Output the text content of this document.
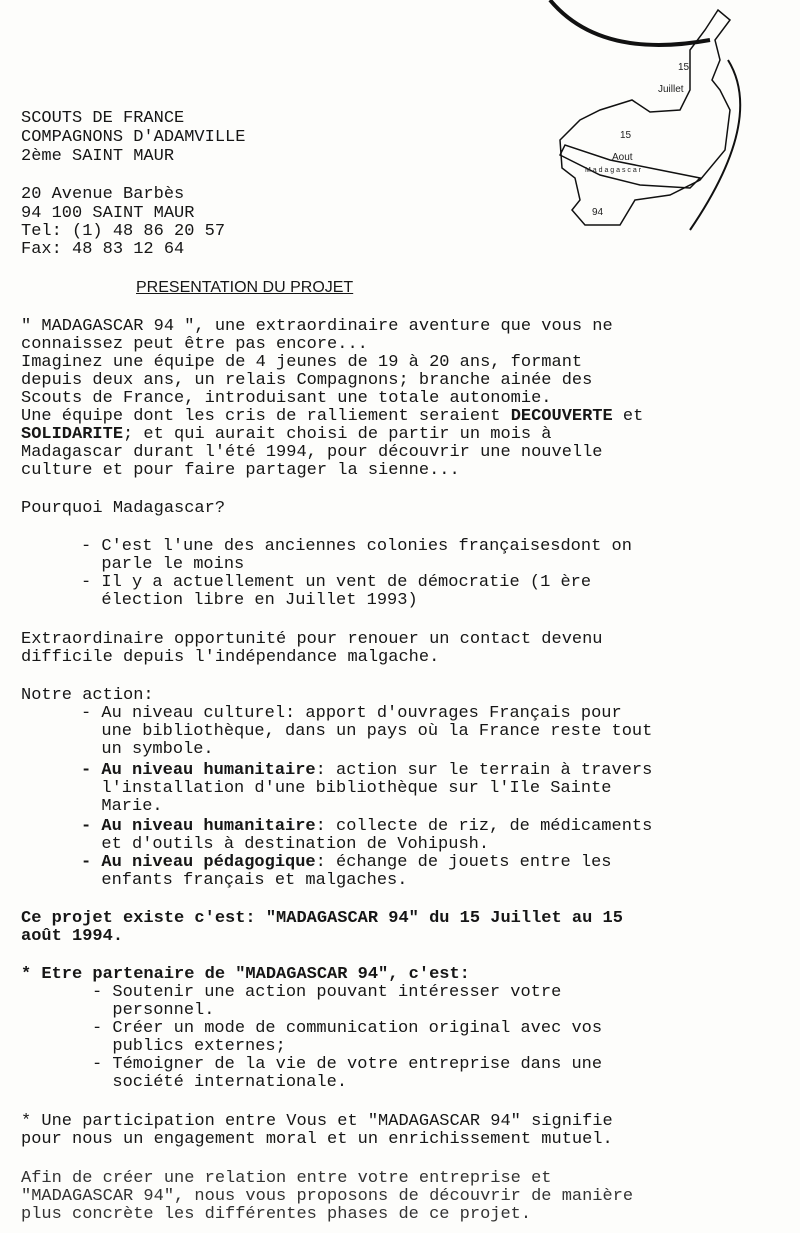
15
Juillet
15
Aout
M a d a g a s c a r
94
SCOUTS DE FRANCE
COMPAGNONS D'ADAMVILLE
2ème SAINT MAUR
20 Avenue Barbès
94 100 SAINT MAUR
Tel: (1) 48 86 20 57
Fax: 48 83 12 64
PRESENTATION DU PROJET
" MADAGASCAR 94 ", une extraordinaire aventure que vous ne
connaissez peut être pas encore...
Imaginez une équipe de 4 jeunes de 19 à 20 ans, formant
depuis deux ans, un relais Compagnons; branche ainée des
Scouts de France, introduisant une totale autonomie.
Une équipe dont les cris de ralliement seraient DECOUVERTE et
SOLIDARITE; et qui aurait choisi de partir un mois à
Madagascar durant l'été 1994, pour découvrir une nouvelle
culture et pour faire partager la sienne...
Pourquoi Madagascar?
- C'est l'une des anciennes colonies françaisesdont on
parle le moins
- Il y a actuellement un vent de démocratie (1 ère
élection libre en Juillet 1993)
Extraordinaire opportunité pour renouer un contact devenu
difficile depuis l'indépendance malgache.
Notre action:
- Au niveau culturel: apport d'ouvrages Français pour
une bibliothèque, dans un pays où la France reste tout
un symbole.
- Au niveau humanitaire: action sur le terrain à travers
l'installation d'une bibliothèque sur l'Ile Sainte
Marie.
- Au niveau humanitaire: collecte de riz, de médicaments
et d'outils à destination de Vohipush.
- Au niveau pédagogique: échange de jouets entre les
enfants français et malgaches.
Ce projet existe c'est: "MADAGASCAR 94" du 15 Juillet au 15
août 1994.
* Etre partenaire de "MADAGASCAR 94", c'est:
- Soutenir une action pouvant intéresser votre
personnel.
- Créer un mode de communication original avec vos
publics externes;
- Témoigner de la vie de votre entreprise dans une
société internationale.
* Une participation entre Vous et "MADAGASCAR 94" signifie
pour nous un engagement moral et un enrichissement mutuel.
Afin de créer une relation entre votre entreprise et
"MADAGASCAR 94", nous vous proposons de découvrir de manière
plus concrète les différentes phases de ce projet.
